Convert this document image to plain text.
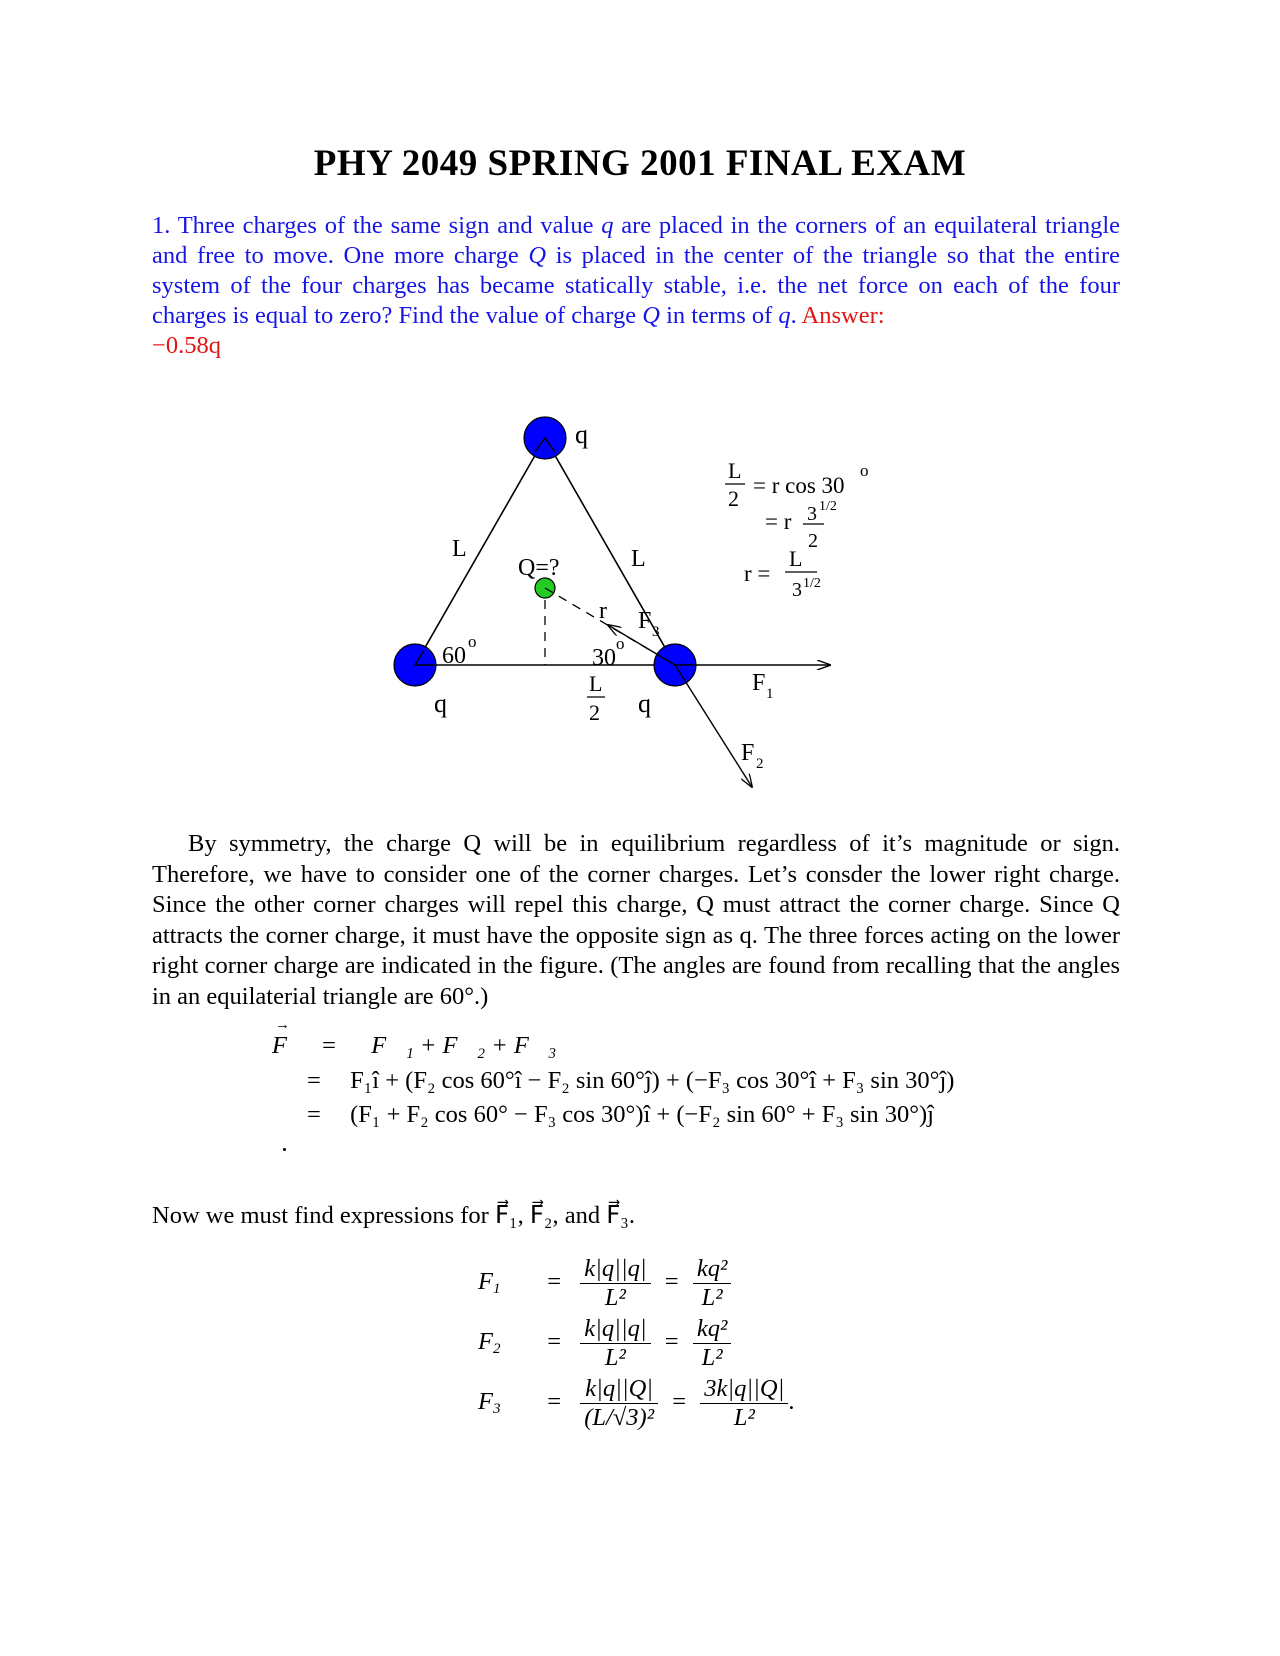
PHY 2049 SPRING 2001 FINAL EXAM
1. Three charges of the same sign and value q are placed in the corners of an equilateral triangle and free to move. One more charge Q is placed in the center of the triangle so that the entire system of the four charges has became statically stable, i.e. the net force on each of the four charges is equal to zero? Find the value of charge Q in terms of q. Answer:
−0.58q
q
q	q
L	L
Q=?
r
60
o
30
o
F 3
F 1
F 2
L
2
L
2
= r cos 30
o
= r 3 1/2
2
r =
L
3 1/2
By symmetry, the charge Q will be in equilibrium regardless of it’s magnitude or sign. Therefore, we have to consider one of the corner charges. Let’s consder the lower right charge. Since the other corner charges will repel this charge, Q must attract the corner charge. Since Q attracts the corner charge, it must have the opposite sign as q. The three forces acting on the lower right corner charge are indicated in the figure. (The angles are found from recalling that the angles in an equilaterial triangle are 60°.)
→ F = F⃗₁ + F⃗₂ + F⃗₃
= F₁î + (F₂ cos 60°î − F₂ sin 60°ĵ) + (−F₃ cos 30°î + F₃ sin 30°ĵ)
= (F₁ + F₂ cos 60° − F₃ cos 30°)î + (−F₂ sin 60° + F₃ sin 30°)ĵ
Now we must find expressions for F⃗₁, F⃗₂, and F⃗₃.
$F_1 = \frac{k|q||q|}{\text{L²}} = \frac{\text{kq²}}{\text{L²}}$
$F_2 = \frac{k|q||q|}{\text{L²}} = \frac{\text{kq²}}{\text{L²}}$
$F_3 = \frac{k|q||Q|}{\text{(L/√3)²}} = \frac{3k|q||Q|}{\text{L²}}$ .
